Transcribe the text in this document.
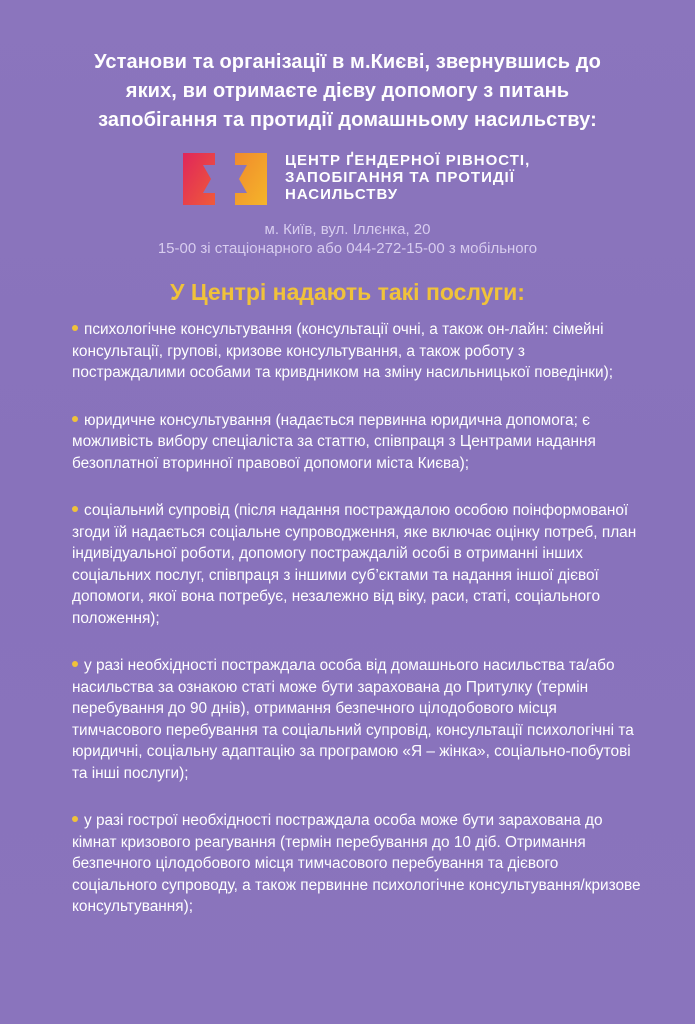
Установи та організації в м.Києві, звернувшись до
яких, ви отримаєте дієву допомогу з питань
запобігання та протидії домашньому насильству:
ЦЕНТР ҐЕНДЕРНОЇ РІВНОСТІ,
ЗАПОБІГАННЯ ТА ПРОТИДІЇ
НАСИЛЬСТВУ
м. Київ, вул. Іллєнка, 20
15-00 зі стаціонарного або 044-272-15-00 з мобільного
У Центрі надають такі послуги:
психологічне консультування (консультації очні, а також он-лайн: сімейні консультації, групові, кризове консультування, а також роботу з постраждалими особами та кривдником на зміну насильницької поведінки);
юридичне консультування (надається первинна юридична допомога; є можливість вибору спеціаліста за статтю, співпраця з Центрами надання безоплатної вторинної правової допомоги міста Києва);
соціальний супровід (після надання постраждалою особою поінформованої згоди їй надається соціальне супроводження, яке включає оцінку потреб, план індивідуальної роботи, допомогу постраждалій особі в отриманні інших соціальних послуг, співпраця з іншими суб’єктами та надання іншої дієвої допомоги, якої вона потребує, незалежно від віку, раси, статі, соціального положення);
у разі необхідності постраждала особа від домашнього насильства та/або насильства за ознакою статі може бути зарахована до Притулку (термін перебування до 90 днів), отримання безпечного цілодобового місця тимчасового перебування та соціальний супровід, консультації психологічні та юридичні, соціальну адаптацію за програмою «Я – жінка», соціально-побутові та інші послуги);
у разі гострої необхідності постраждала особа може бути зарахована до кімнат кризового реагування (термін перебування до 10 діб. Отримання безпечного цілодобового місця тимчасового перебування та дієвого соціального супроводу, а також первинне психологічне консультування/кризове консультування);
